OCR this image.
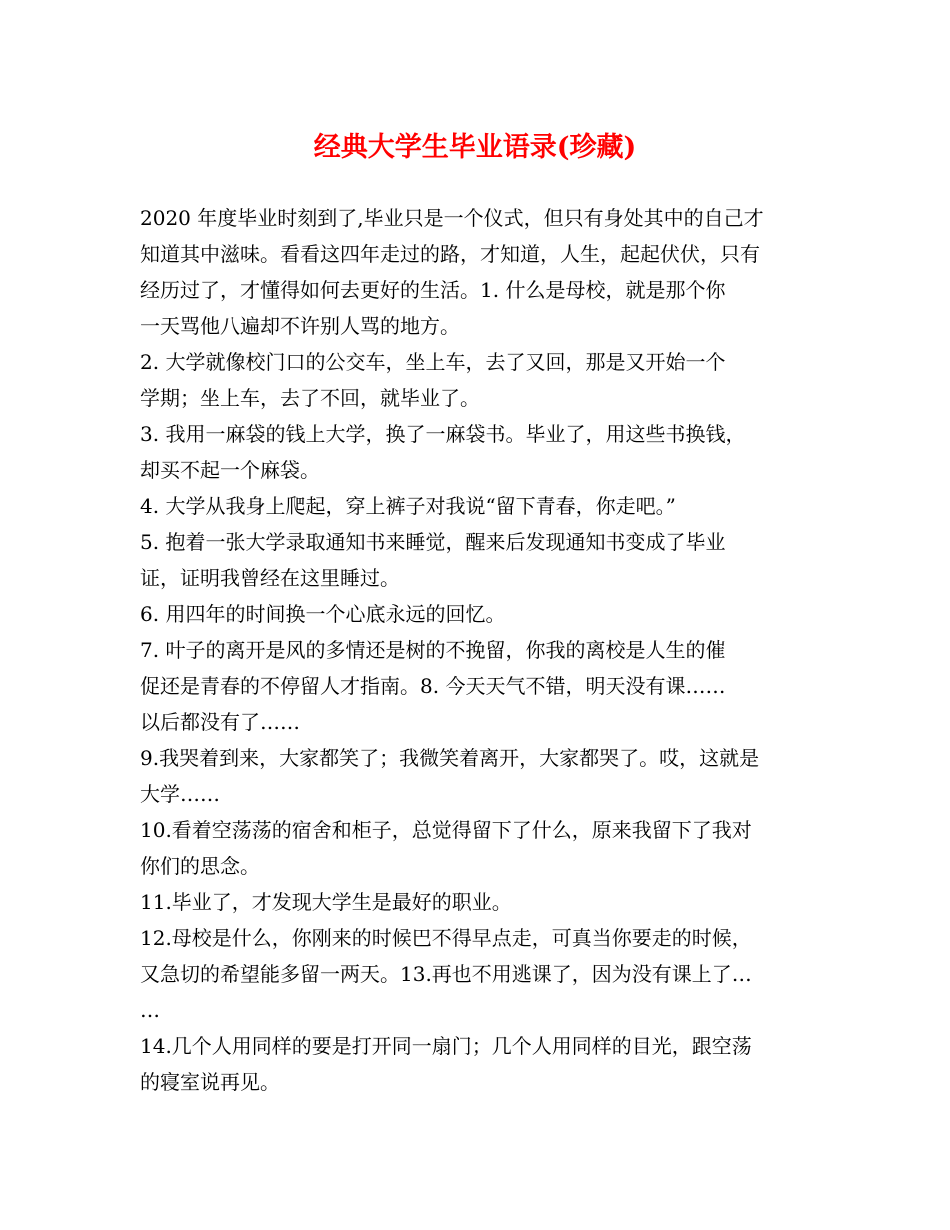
经典大学生毕业语录(珍藏)
2020 年度毕业时刻到了,毕业只是一个仪式，但只有身处其中的自己才
知道其中滋味。看看这四年走过的路，才知道，人生，起起伏伏，只有
经历过了，才懂得如何去更好的生活。1. 什么是母校，就是那个你
一天骂他八遍却不许别人骂的地方。
2. 大学就像校门口的公交车，坐上车，去了又回，那是又开始一个
学期；坐上车，去了不回，就毕业了。
3. 我用一麻袋的钱上大学，换了一麻袋书。毕业了，用这些书换钱，
却买不起一个麻袋。
4. 大学从我身上爬起，穿上裤子对我说“留下青春，你走吧。”
5. 抱着一张大学录取通知书来睡觉，醒来后发现通知书变成了毕业
证，证明我曾经在这里睡过。
6. 用四年的时间换一个心底永远的回忆。
7. 叶子的离开是风的多情还是树的不挽留，你我的离校是人生的催
促还是青春的不停留人才指南。8. 今天天气不错，明天没有课……
以后都没有了……
9.我哭着到来，大家都笑了；我微笑着离开，大家都哭了。哎，这就是
大学……
10.看着空荡荡的宿舍和柜子，总觉得留下了什么，原来我留下了我对
你们的思念。
11.毕业了，才发现大学生是最好的职业。
12.母校是什么，你刚来的时候巴不得早点走，可真当你要走的时候，
又急切的希望能多留一两天。13.再也不用逃课了，因为没有课上了…
…
14.几个人用同样的要是打开同一扇门；几个人用同样的目光，跟空荡
的寝室说再见。
